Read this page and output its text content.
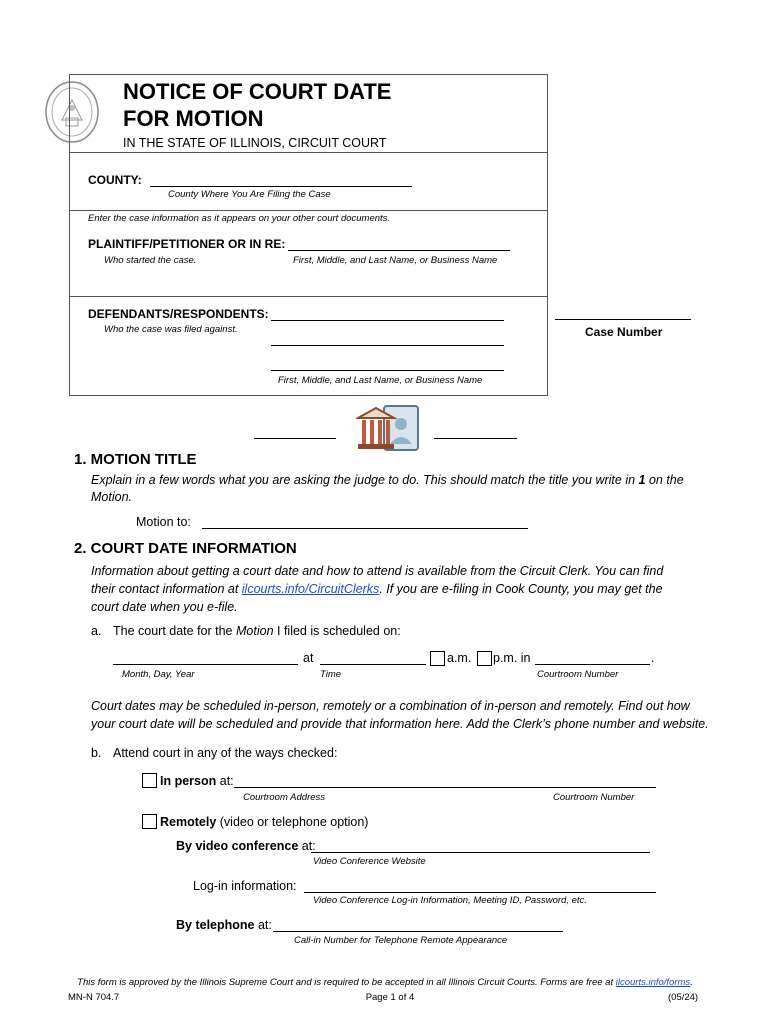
NOTICE OF COURT DATE
FOR MOTION
IN THE STATE OF ILLINOIS, CIRCUIT COURT
COUNTY:
County Where You Are Filing the Case
Enter the case information as it appears on your other court documents.
PLAINTIFF/PETITIONER OR IN RE:
Who started the case.	First, Middle, and Last Name, or Business Name
DEFENDANTS/RESPONDENTS:
Who the case was filed against.
First, Middle, and Last Name, or Business Name
Case Number
1. MOTION TITLE
Explain in a few words what you are asking the judge to do. This should match the title you write in 1 on the
Motion.
Motion to:
2. COURT DATE INFORMATION
Information about getting a court date and how to attend is available from the Circuit Clerk. You can find
their contact information at ilcourts.info/CircuitClerks. If you are e-filing in Cook County, you may get the
court date when you e-file.
a. The court date for the Motion I filed is scheduled on:
at	a.m. p.m. in	.
Month, Day, Year	Time	Courtroom Number
Court dates may be scheduled in-person, remotely or a combination of in-person and remotely. Find out how
your court date will be scheduled and provide that information here. Add the Clerk’s phone number and website.
b. Attend court in any of the ways checked:
In person at:
Courtroom Address	Courtroom Number
Remotely (video or telephone option)
By video conference at:
Video Conference Website
Log-in information:
Video Conference Log-in Information, Meeting ID, Password, etc.
By telephone at:
Call-in Number for Telephone Remote Appearance
This form is approved by the Illinois Supreme Court and is required to be accepted in all Illinois Circuit Courts. Forms are free at ilcourts.info/forms.
MN-N 704.7	Page 1 of 4	(05/24)
